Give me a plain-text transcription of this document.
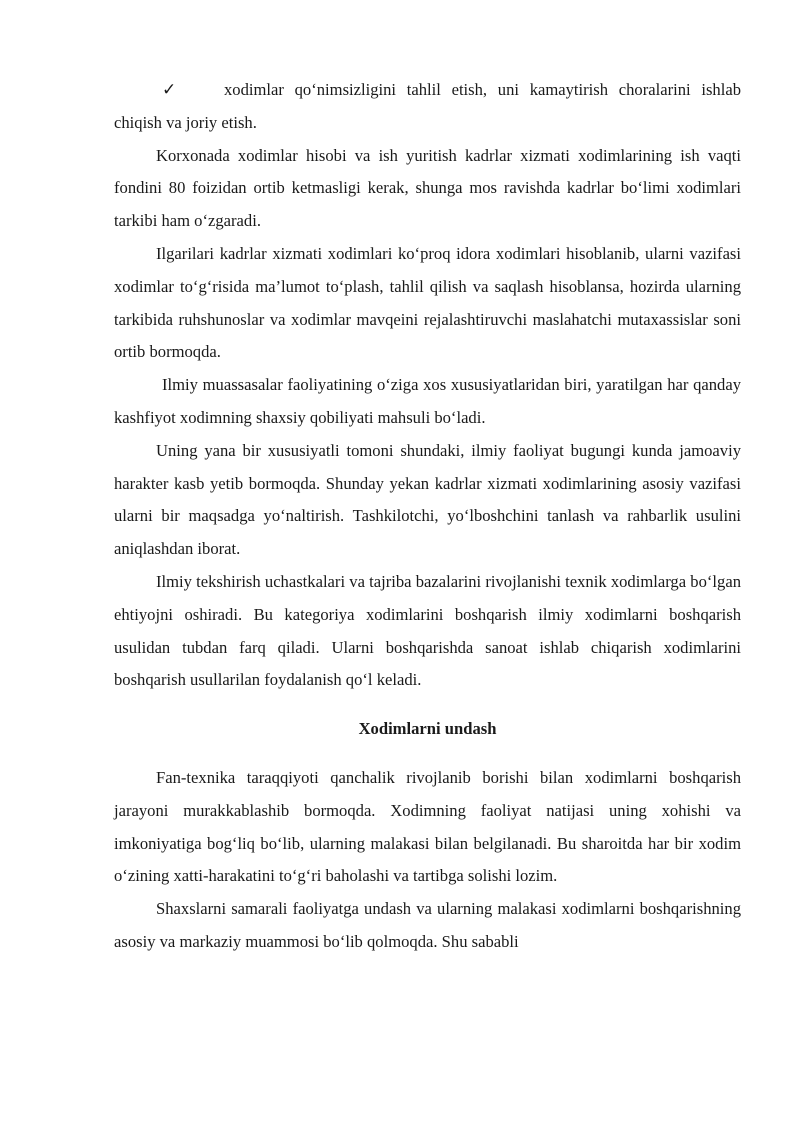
✓	xodimlar qo‘nimsizligini tahlil etish, uni kamaytirish choralarini ishlab chiqish va joriy etish.

Korxonada xodimlar hisobi va ish yuritish kadrlar xizmati xodimlarining ish vaqti fondini 80 foizidan ortib ketmasligi kerak, shunga mos ravishda kadrlar bo‘limi xodimlari tarkibi ham o‘zgaradi.

Ilgarilari kadrlar xizmati xodimlari ko‘proq idora xodimlari hisoblanib, ularni vazifasi xodimlar to‘g‘risida ma’lumot to‘plash, tahlil qilish va saqlash hisoblansa, hozirda ularning tarkibida ruhshunoslar va xodimlar mavqeini rejalashtiruvchi maslahatchi mutaxassislar soni ortib bormoqda.

Ilmiy muassasalar faoliyatining o‘ziga xos xususiyatlaridan biri, yaratilgan har qanday kashfiyot xodimning shaxsiy qobiliyati mahsuli bo‘ladi.

Uning yana bir xususiyatli tomoni shundaki, ilmiy faoliyat bugungi kunda jamoaviy harakter kasb yetib bormoqda. Shunday yekan kadrlar xizmati xodimlarining asosiy vazifasi ularni bir maqsadga yo‘naltirish. Tashkilotchi, yo‘lboshchini tanlash va rahbarlik usulini aniqlashdan iborat.

Ilmiy tekshirish uchastkalari va tajriba bazalarini rivojlanishi texnik xodimlarga bo‘lgan ehtiyojni oshiradi. Bu kategoriya xodimlarini boshqarish ilmiy xodimlarni boshqarish usulidan tubdan farq qiladi. Ularni boshqarishda sanoat ishlab chiqarish xodimlarini boshqarish usullarilan foydalanish qo‘l keladi.

Xodimlarni undash

Fan-texnika taraqqiyoti qanchalik rivojlanib borishi bilan xodimlarni boshqarish jarayoni murakkablashib bormoqda. Xodimning faoliyat natijasi uning xohishi va imkoniyatiga bog‘liq bo‘lib, ularning malakasi bilan belgilanadi. Bu sharoitda har bir xodim o‘zining xatti-harakatini to‘g‘ri baholashi va tartibga solishi lozim.

Shaxslarni samarali faoliyatga undash va ularning malakasi xodimlarni boshqarishning asosiy va markaziy muammosi bo‘lib qolmoqda. Shu sababli
